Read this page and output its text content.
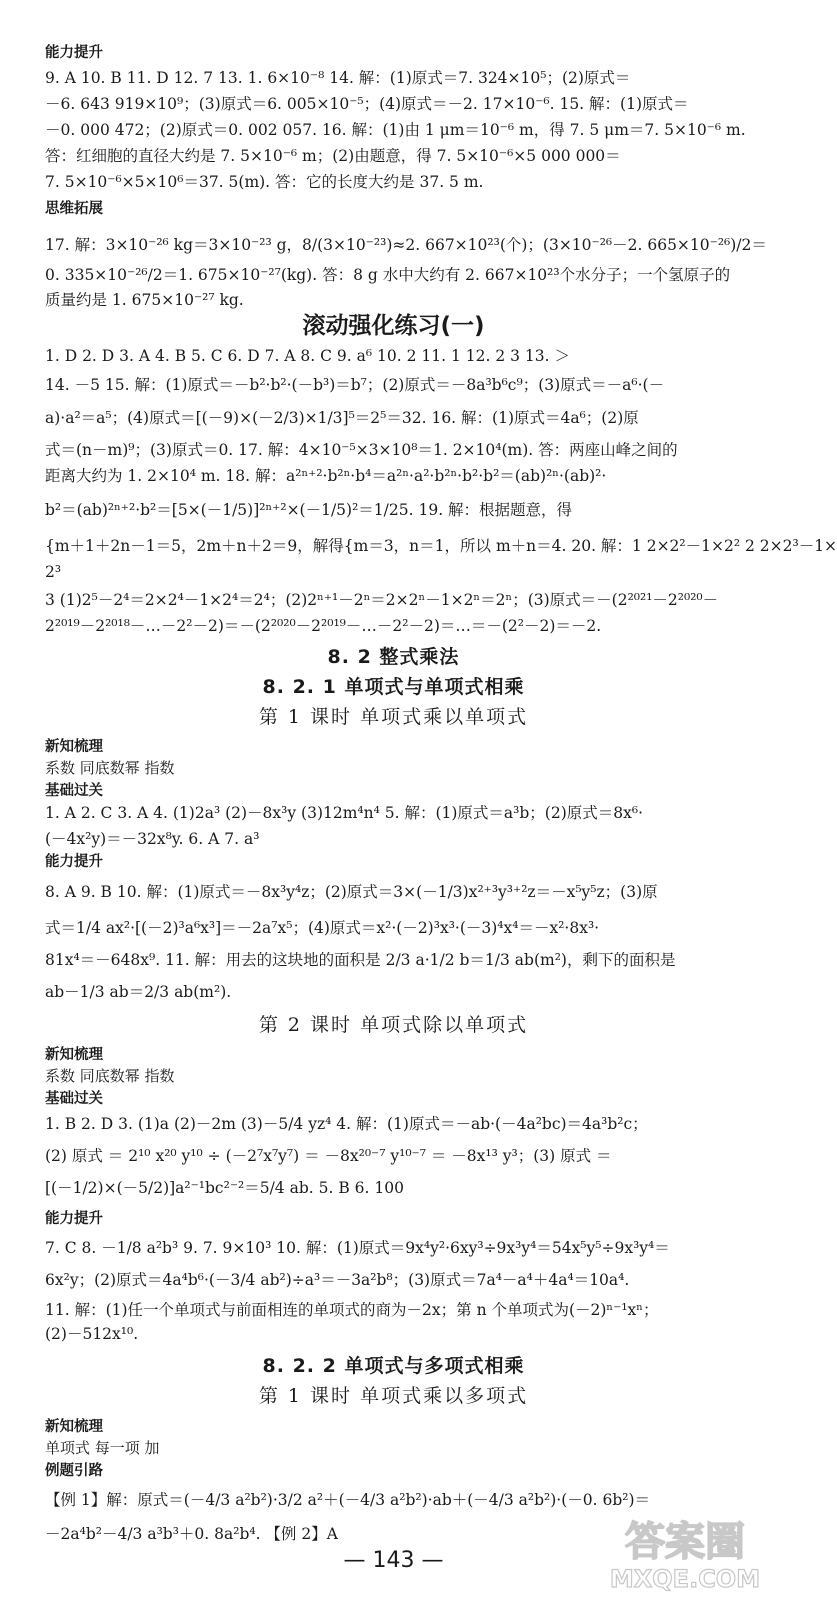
能力提升
9. A 10. B 11. D 12. 7 13. 1. 6×10⁻⁸ 14. 解：(1)原式＝7. 324×10⁵；(2)原式＝
－6. 643 919×10⁹；(3)原式＝6. 005×10⁻⁵；(4)原式＝－2. 17×10⁻⁶. 15. 解：(1)原式＝
－0. 000 472；(2)原式＝0. 002 057. 16. 解：(1)由 1 μm＝10⁻⁶ m，得 7. 5 μm＝7. 5×10⁻⁶ m.
答：红细胞的直径大约是 7. 5×10⁻⁶ m；(2)由题意，得 7. 5×10⁻⁶×5 000 000＝
7. 5×10⁻⁶×5×10⁶＝37. 5(m). 答：它的长度大约是 37. 5 m.
思维拓展
17. 解：3×10⁻²⁶ kg＝3×10⁻²³ g，8/(3×10⁻²³)≈2. 667×10²³(个)；(3×10⁻²⁶－2. 665×10⁻²⁶)/2＝
0. 335×10⁻²⁶/2＝1. 675×10⁻²⁷(kg). 答：8 g 水中大约有 2. 667×10²³个水分子；一个氢原子的
质量约是 1. 675×10⁻²⁷ kg.
滚动强化练习(一)
1. D 2. D 3. A 4. B 5. C 6. D 7. A 8. C 9. a⁶ 10. 2 11. 1 12. 2 3 13. ＞
14. －5 15. 解：(1)原式＝－b²·b²·(－b³)＝b⁷；(2)原式＝－8a³b⁶c⁹；(3)原式＝－a⁶·(－
a)·a²＝a⁵；(4)原式＝[(－9)×(－2/3)×1/3]⁵＝2⁵＝32. 16. 解：(1)原式＝4a⁶；(2)原
式＝(n－m)⁹；(3)原式＝0. 17. 解：4×10⁻⁵×3×10⁸＝1. 2×10⁴(m). 答：两座山峰之间的
距离大约为 1. 2×10⁴ m. 18. 解：a²ⁿ⁺²·b²ⁿ·b⁴＝a²ⁿ·a²·b²ⁿ·b²·b²＝(ab)²ⁿ·(ab)²·
b²＝(ab)²ⁿ⁺²·b²＝[5×(－1/5)]²ⁿ⁺²×(－1/5)²＝1/25. 19. 解：根据题意，得
{m＋1＋2n－1＝5，2m＋n＋2＝9，解得{m＝3，n＝1，所以 m＋n＝4. 20. 解：1 2×2²－1×2² 2 2×2³－1×
2³
3 (1)2⁵－2⁴＝2×2⁴－1×2⁴＝2⁴；(2)2ⁿ⁺¹－2ⁿ＝2×2ⁿ－1×2ⁿ＝2ⁿ；(3)原式＝－(2²⁰²¹－2²⁰²⁰－
2²⁰¹⁹－2²⁰¹⁸－…－2²－2)＝－(2²⁰²⁰－2²⁰¹⁹－…－2²－2)＝…＝－(2²－2)＝－2.
8. 2 整式乘法
8. 2. 1 单项式与单项式相乘
第 1 课时 单项式乘以单项式
新知梳理
系数 同底数幂 指数
基础过关
1. A 2. C 3. A 4. (1)2a³ (2)－8x³y (3)12m⁴n⁴ 5. 解：(1)原式＝a³b；(2)原式＝8x⁶·
(－4x²y)＝－32x⁸y. 6. A 7. a³
能力提升
8. A 9. B 10. 解：(1)原式＝－8x³y⁴z；(2)原式＝3×(－1/3)x²⁺³y³⁺²z＝－x⁵y⁵z；(3)原
式＝1/4 ax²·[(－2)³a⁶x³]＝－2a⁷x⁵；(4)原式＝x²·(－2)³x³·(－3)⁴x⁴＝－x²·8x³·
81x⁴＝－648x⁹. 11. 解：用去的这块地的面积是 2/3 a·1/2 b＝1/3 ab(m²)，剩下的面积是
ab－1/3 ab＝2/3 ab(m²).
第 2 课时 单项式除以单项式
新知梳理
系数 同底数幂 指数
基础过关
1. B 2. D 3. (1)a (2)－2m (3)－5/4 yz⁴ 4. 解：(1)原式＝－ab·(－4a²bc)＝4a³b²c；
(2) 原式 ＝ 2¹⁰ x²⁰ y¹⁰ ÷ (－2⁷x⁷y⁷) ＝ －8x²⁰⁻⁷ y¹⁰⁻⁷ ＝ －8x¹³ y³；(3) 原式 ＝
[(－1/2)×(－5/2)]a²⁻¹bc²⁻²＝5/4 ab. 5. B 6. 100
能力提升
7. C 8. －1/8 a²b³ 9. 7. 9×10³ 10. 解：(1)原式＝9x⁴y²·6xy³÷9x³y⁴＝54x⁵y⁵÷9x³y⁴＝
6x²y；(2)原式＝4a⁴b⁶·(－3/4 ab²)÷a³＝－3a²b⁸；(3)原式＝7a⁴－a⁴＋4a⁴＝10a⁴.
11. 解：(1)任一个单项式与前面相连的单项式的商为－2x；第 n 个单项式为(－2)ⁿ⁻¹xⁿ；
(2)－512x¹⁰.
8. 2. 2 单项式与多项式相乘
第 1 课时 单项式乘以多项式
新知梳理
单项式 每一项 加
例题引路
【例 1】解：原式＝(－4/3 a²b²)·3/2 a²＋(－4/3 a²b²)·ab＋(－4/3 a²b²)·(－0. 6b²)＝
－2a⁴b²－4/3 a³b³＋0. 8a²b⁴. 【例 2】A
— 143 —	答案圈
MXQE.COM
